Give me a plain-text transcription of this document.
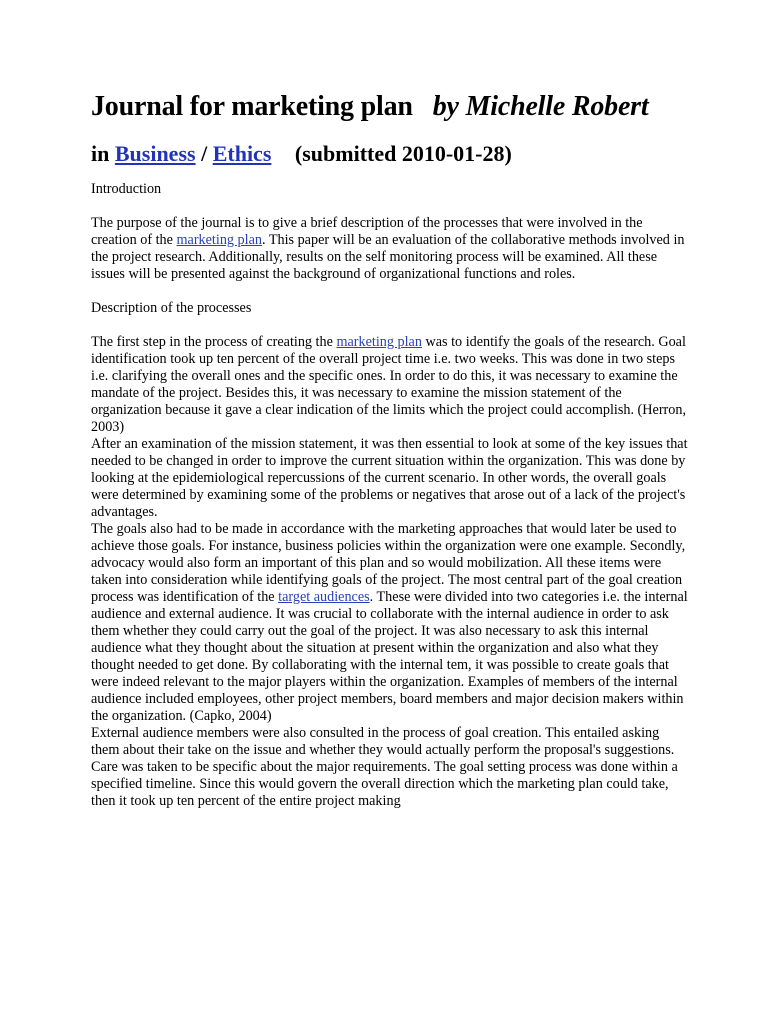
Journal for marketing plan by Michelle Robert
in Business / Ethics (submitted 2010-01-28)

Introduction

The purpose of the journal is to give a brief description of the processes that were involved in the creation of the marketing plan. This paper will be an evaluation of the collaborative methods involved in the project research. Additionally, results on the self monitoring process will be examined. All these issues will be presented against the background of organizational functions and roles.

Description of the processes

The first step in the process of creating the marketing plan was to identify the goals of the research. Goal identification took up ten percent of the overall project time i.e. two weeks. This was done in two steps i.e. clarifying the overall ones and the specific ones. In order to do this, it was necessary to examine the mandate of the project. Besides this, it was necessary to examine the mission statement of the organization because it gave a clear indication of the limits which the project could accomplish. (Herron, 2003)

After an examination of the mission statement, it was then essential to look at some of the key issues that needed to be changed in order to improve the current situation within the organization. This was done by looking at the epidemiological repercussions of the current scenario. In other words, the overall goals were determined by examining some of the problems or negatives that arose out of a lack of the project's advantages.

The goals also had to be made in accordance with the marketing approaches that would later be used to achieve those goals. For instance, business policies within the organization were one example. Secondly, advocacy would also form an important of this plan and so would mobilization. All these items were taken into consideration while identifying goals of the project. The most central part of the goal creation process was identification of the target audiences. These were divided into two categories i.e. the internal audience and external audience. It was crucial to collaborate with the internal audience in order to ask them whether they could carry out the goal of the project. It was also necessary to ask this internal audience what they thought about the situation at present within the organization and also what they thought needed to get done. By collaborating with the internal tem, it was possible to create goals that were indeed relevant to the major players within the organization. Examples of members of the internal audience included employees, other project members, board members and major decision makers within the organization. (Capko, 2004)

External audience members were also consulted in the process of goal creation. This entailed asking them about their take on the issue and whether they would actually perform the proposal's suggestions. Care was taken to be specific about the major requirements. The goal setting process was done within a specified timeline. Since this would govern the overall direction which the marketing plan could take, then it took up ten percent of the entire project making
